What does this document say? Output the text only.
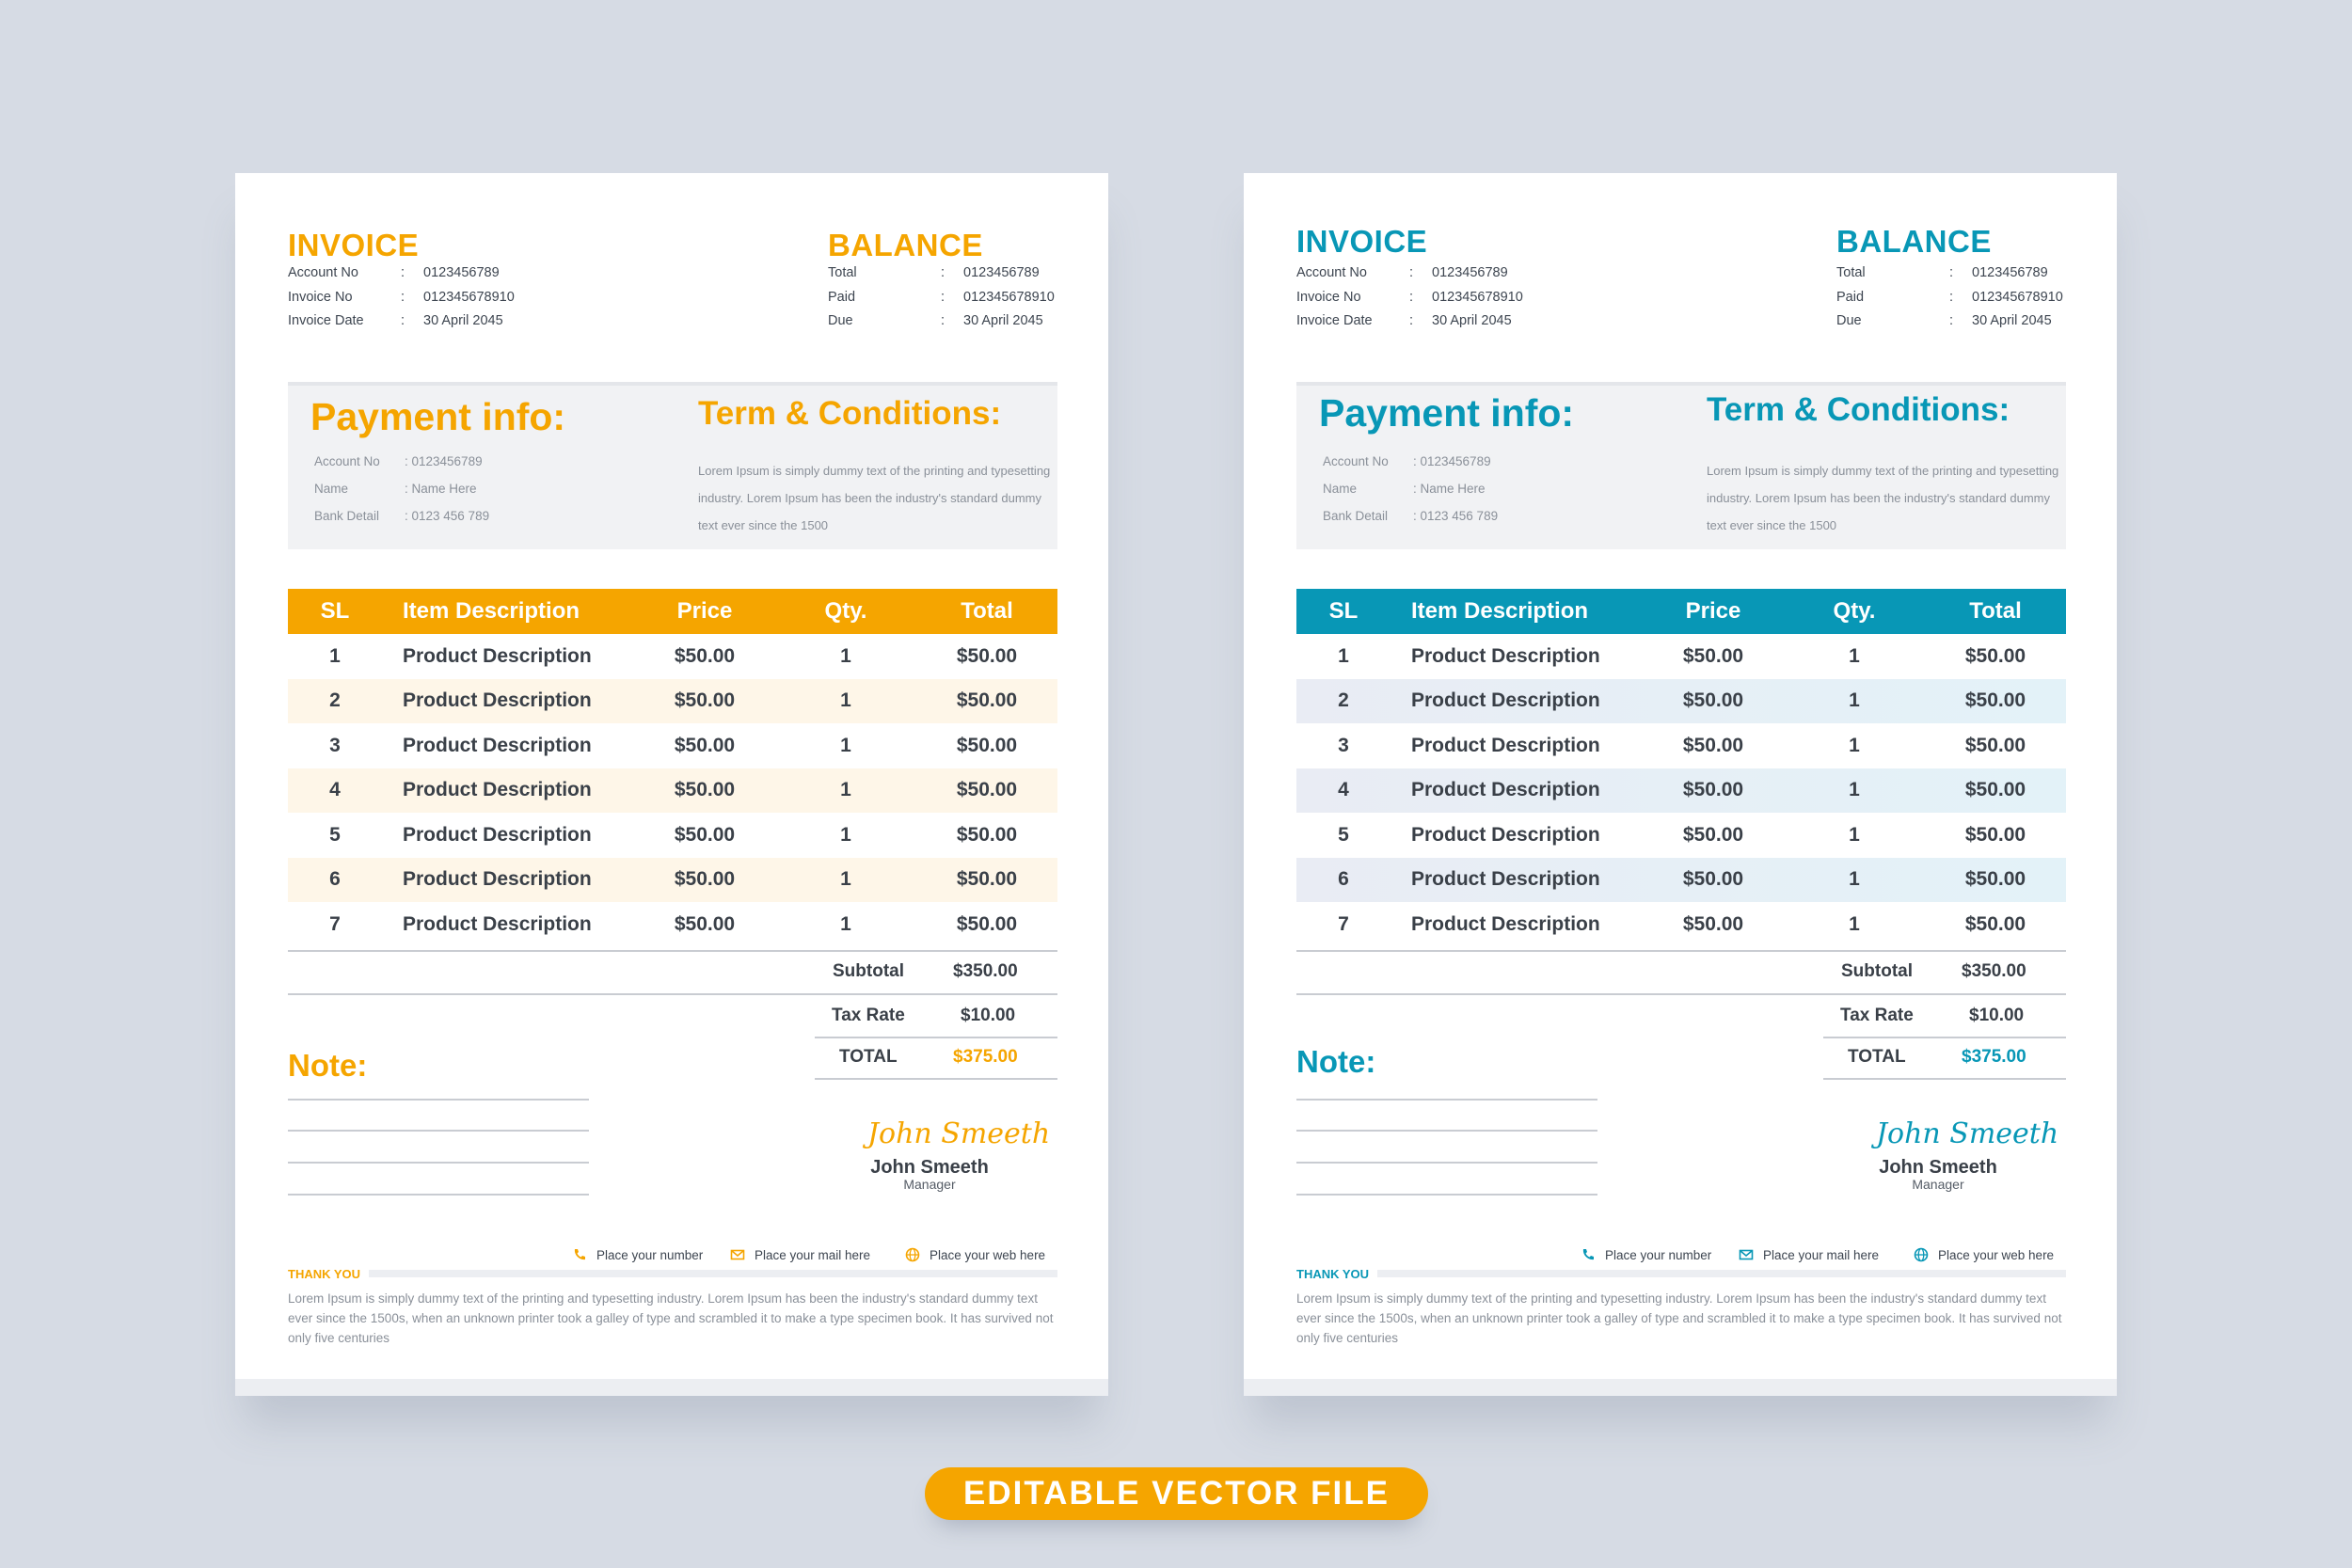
INVOICE
Account No	:	0123456789
Invoice No	:	012345678910
Invoice Date	:	30 April 2045
BALANCE
Total	:	0123456789
Paid	:	012345678910
Due	:	30 April 2045
Payment info:
Account No	: 0123456789
Name	: Name Here
Bank Detail	: 0123 456 789
Term & Conditions:
Lorem Ipsum is simply dummy text of the printing and typesetting industry. Lorem Ipsum has been the industry's standard dummy text ever since the 1500
SL	Item Description	Price	Qty.	Total
1	Product Description	$50.00	1	$50.00
2	Product Description	$50.00	1	$50.00
3	Product Description	$50.00	1	$50.00
4	Product Description	$50.00	1	$50.00
5	Product Description	$50.00	1	$50.00
6	Product Description	$50.00	1	$50.00
7	Product Description	$50.00	1	$50.00
Subtotal	$350.00
Tax Rate	$10.00
TOTAL	$375.00
Note:
John Smeeth
John Smeeth
Manager
Place your number	Place your mail here	Place your web here
THANK YOU
Lorem Ipsum is simply dummy text of the printing and typesetting industry. Lorem Ipsum has been the industry's standard dummy text ever since the 1500s, when an unknown printer took a galley of type and scrambled it to make a type specimen book. It has survived not only five centuries
INVOICE
Account No	:	0123456789
Invoice No	:	012345678910
Invoice Date	:	30 April 2045
BALANCE
Total	:	0123456789
Paid	:	012345678910
Due	:	30 April 2045
Payment info:
Account No	: 0123456789
Name	: Name Here
Bank Detail	: 0123 456 789
Term & Conditions:
Lorem Ipsum is simply dummy text of the printing and typesetting industry. Lorem Ipsum has been the industry's standard dummy text ever since the 1500
SL	Item Description	Price	Qty.	Total
1	Product Description	$50.00	1	$50.00
2	Product Description	$50.00	1	$50.00
3	Product Description	$50.00	1	$50.00
4	Product Description	$50.00	1	$50.00
5	Product Description	$50.00	1	$50.00
6	Product Description	$50.00	1	$50.00
7	Product Description	$50.00	1	$50.00
Subtotal	$350.00
Tax Rate	$10.00
TOTAL	$375.00
Note:
John Smeeth
John Smeeth
Manager
Place your number	Place your mail here	Place your web here
THANK YOU
Lorem Ipsum is simply dummy text of the printing and typesetting industry. Lorem Ipsum has been the industry's standard dummy text ever since the 1500s, when an unknown printer took a galley of type and scrambled it to make a type specimen book. It has survived not only five centuries
EDITABLE VECTOR FILE
